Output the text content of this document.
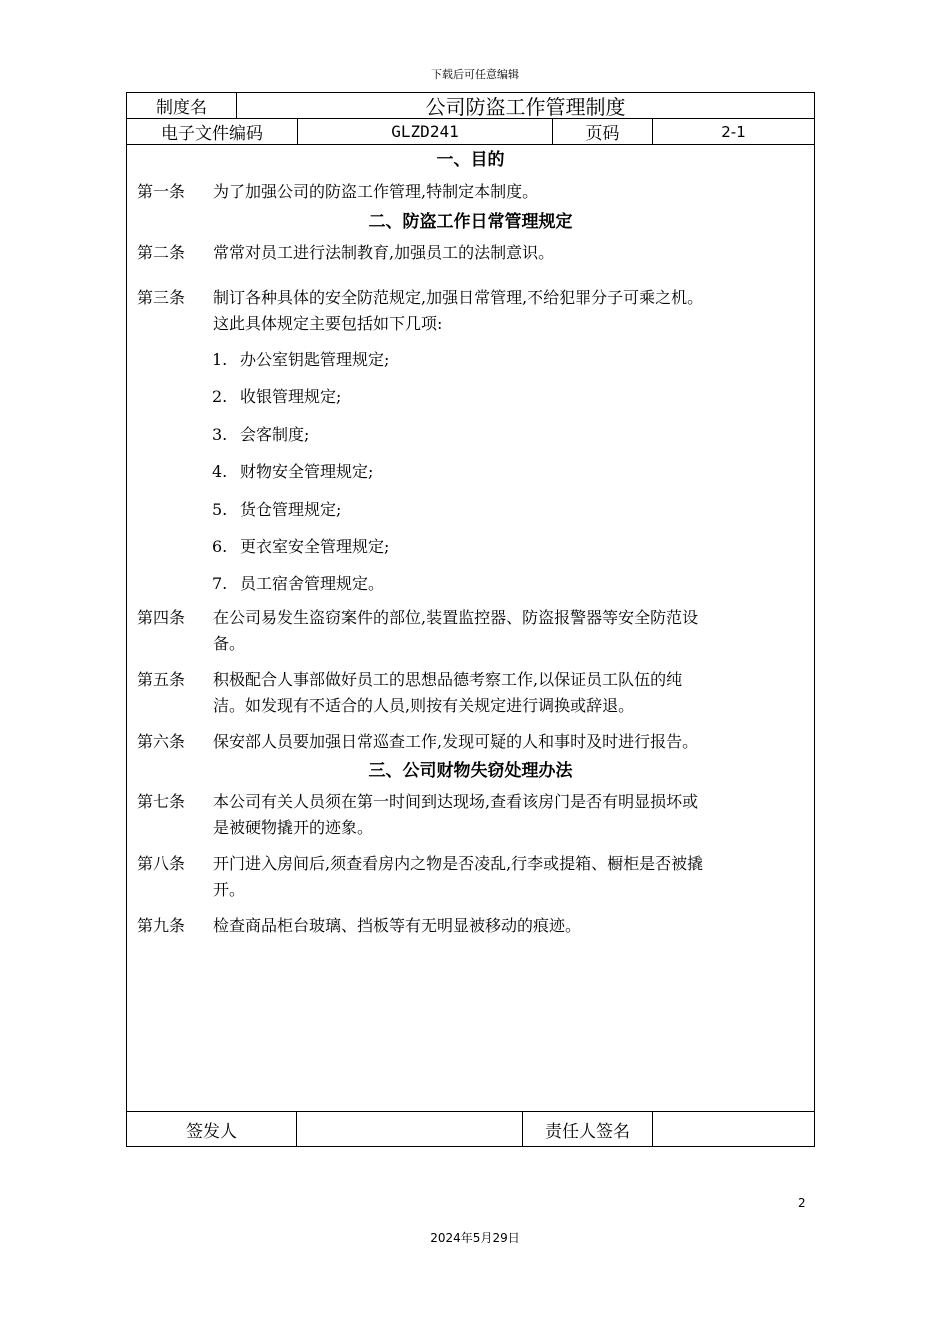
下载后可任意编辑
制度名	公司防盗工作管理制度
电子文件编码	GLZD241	页码	2-1
一、目的
第一条 为了加强公司的防盗工作管理,特制定本制度。
二、防盗工作日常管理规定
第二条 常常对员工进行法制教育,加强员工的法制意识。
第三条 制订各种具体的安全防范规定,加强日常管理,不给犯罪分子可乘之机。
这此具体规定主要包括如下几项:
1. 办公室钥匙管理规定;
2. 收银管理规定;
3. 会客制度;
4. 财物安全管理规定;
5. 货仓管理规定;
6. 更衣室安全管理规定;
7. 员工宿舍管理规定。
第四条 在公司易发生盗窃案件的部位,装置监控器、防盗报警器等安全防范设
备。
第五条 积极配合人事部做好员工的思想品德考察工作,以保证员工队伍的纯
洁。如发现有不适合的人员,则按有关规定进行调换或辞退。
第六条 保安部人员要加强日常巡查工作,发现可疑的人和事时及时进行报告。
三、公司财物失窃处理办法
第七条 本公司有关人员须在第一时间到达现场,查看该房门是否有明显损坏或
是被硬物撬开的迹象。
第八条 开门进入房间后,须查看房内之物是否凌乱,行李或提箱、橱柜是否被撬
开。
第九条 检查商品柜台玻璃、挡板等有无明显被移动的痕迹。
签发人	责任人签名
2
2024年5月29日
